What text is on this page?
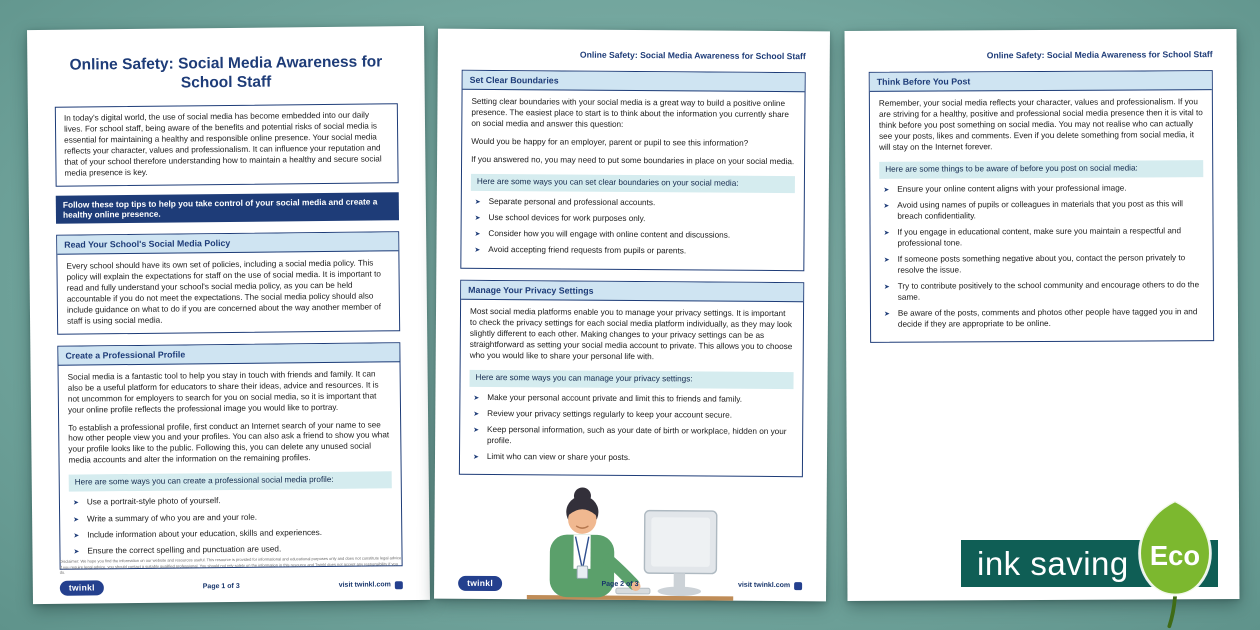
Online Safety: Social Media Awareness for School Staff
In today's digital world, the use of social media has become embedded into our daily lives. For school staff, being aware of the benefits and potential risks of social media is essential for maintaining a healthy and responsible online presence. Your social media reflects your character, values and professionalism. It can influence your reputation and that of your school therefore understanding how to maintain a healthy and secure social media presence is key.
Follow these top tips to help you take control of your social media and create a healthy online presence.
Read Your School's Social Media Policy

Every school should have its own set of policies, including a social media policy. This policy will explain the expectations for staff on the use of social media. It is important to read and fully understand your school's social media policy, as you can be held accountable if you do not meet the expectations. The social media policy should also include guidance on what to do if you are concerned about the way another member of staff is using social media.

Create a Professional Profile

Social media is a fantastic tool to help you stay in touch with friends and family. It can also be a useful platform for educators to share their ideas, advice and resources. It is not uncommon for employers to search for you on social media, so it is important that your online profile reflects the professional image you would like to portray.

To establish a professional profile, first conduct an Internet search of your name to see how other people view you and your profiles. You can also ask a friend to show you what your profile looks like to the public. Following this, you can delete any unused social media accounts and alter the information on the remaining profiles.

Here are some ways you can create a professional social media profile:
➤ Use a portrait-style photo of yourself.
➤ Write a summary of who you are and your role.
➤ Include information about your education, skills and experiences.
➤ Ensure the correct spelling and punctuation are used.
Disclaimer: We hope you find the information on our website and resources useful. This resource is provided for informational and educational purposes only and does not constitute legal advice. If you require legal advice, you should contact a suitably qualified professional. You should not rely solely on the information in this resource and Twinkl does not accept any responsibility if you do.
twinkl	Page 1 of 3	visit twinkl.com
Online Safety: Social Media Awareness for School Staff
Set Clear Boundaries

Setting clear boundaries with your social media is a great way to build a positive online presence. The easiest place to start is to think about the information you currently share on social media and answer this question:

Would you be happy for an employer, parent or pupil to see this information?

If you answered no, you may need to put some boundaries in place on your social media.

Here are some ways you can set clear boundaries on your social media:
➤ Separate personal and professional accounts.
➤ Use school devices for work purposes only.
➤ Consider how you will engage with online content and discussions.
➤ Avoid accepting friend requests from pupils or parents.
Manage Your Privacy Settings

Most social media platforms enable you to manage your privacy settings. It is important to check the privacy settings for each social media platform individually, as they may look slightly different to each other. Making changes to your privacy settings can be as straightforward as setting your social media account to private. This allows you to choose who you would like to share your personal life with.

Here are some ways you can manage your privacy settings:
➤ Make your personal account private and limit this to friends and family.
➤ Review your privacy settings regularly to keep your account secure.
➤ Keep personal information, such as your date of birth or workplace, hidden on your profile.
➤ Limit who can view or share your posts.
twinkl	Page 2 of 3	visit twinkl.com
Online Safety: Social Media Awareness for School Staff
Think Before You Post

Remember, your social media reflects your character, values and professionalism. If you are striving for a healthy, positive and professional social media presence then it is vital to think before you post something on social media. You may not realise who can actually see your posts, likes and comments. Even if you delete something from social media, it will stay on the Internet forever.

Here are some things to be aware of before you post on social media:
➤ Ensure your online content aligns with your professional image.
➤ Avoid using names of pupils or colleagues in materials that you post as this will breach confidentiality.
➤ If you engage in educational content, make sure you maintain a respectful and professional tone.
➤ If someone posts something negative about you, contact the person privately to resolve the issue.
➤ Try to contribute positively to the school community and encourage others to do the same.
➤ Be aware of the posts, comments and photos other people have tagged you in and decide if they are appropriate to be online.
ink saving Eco
